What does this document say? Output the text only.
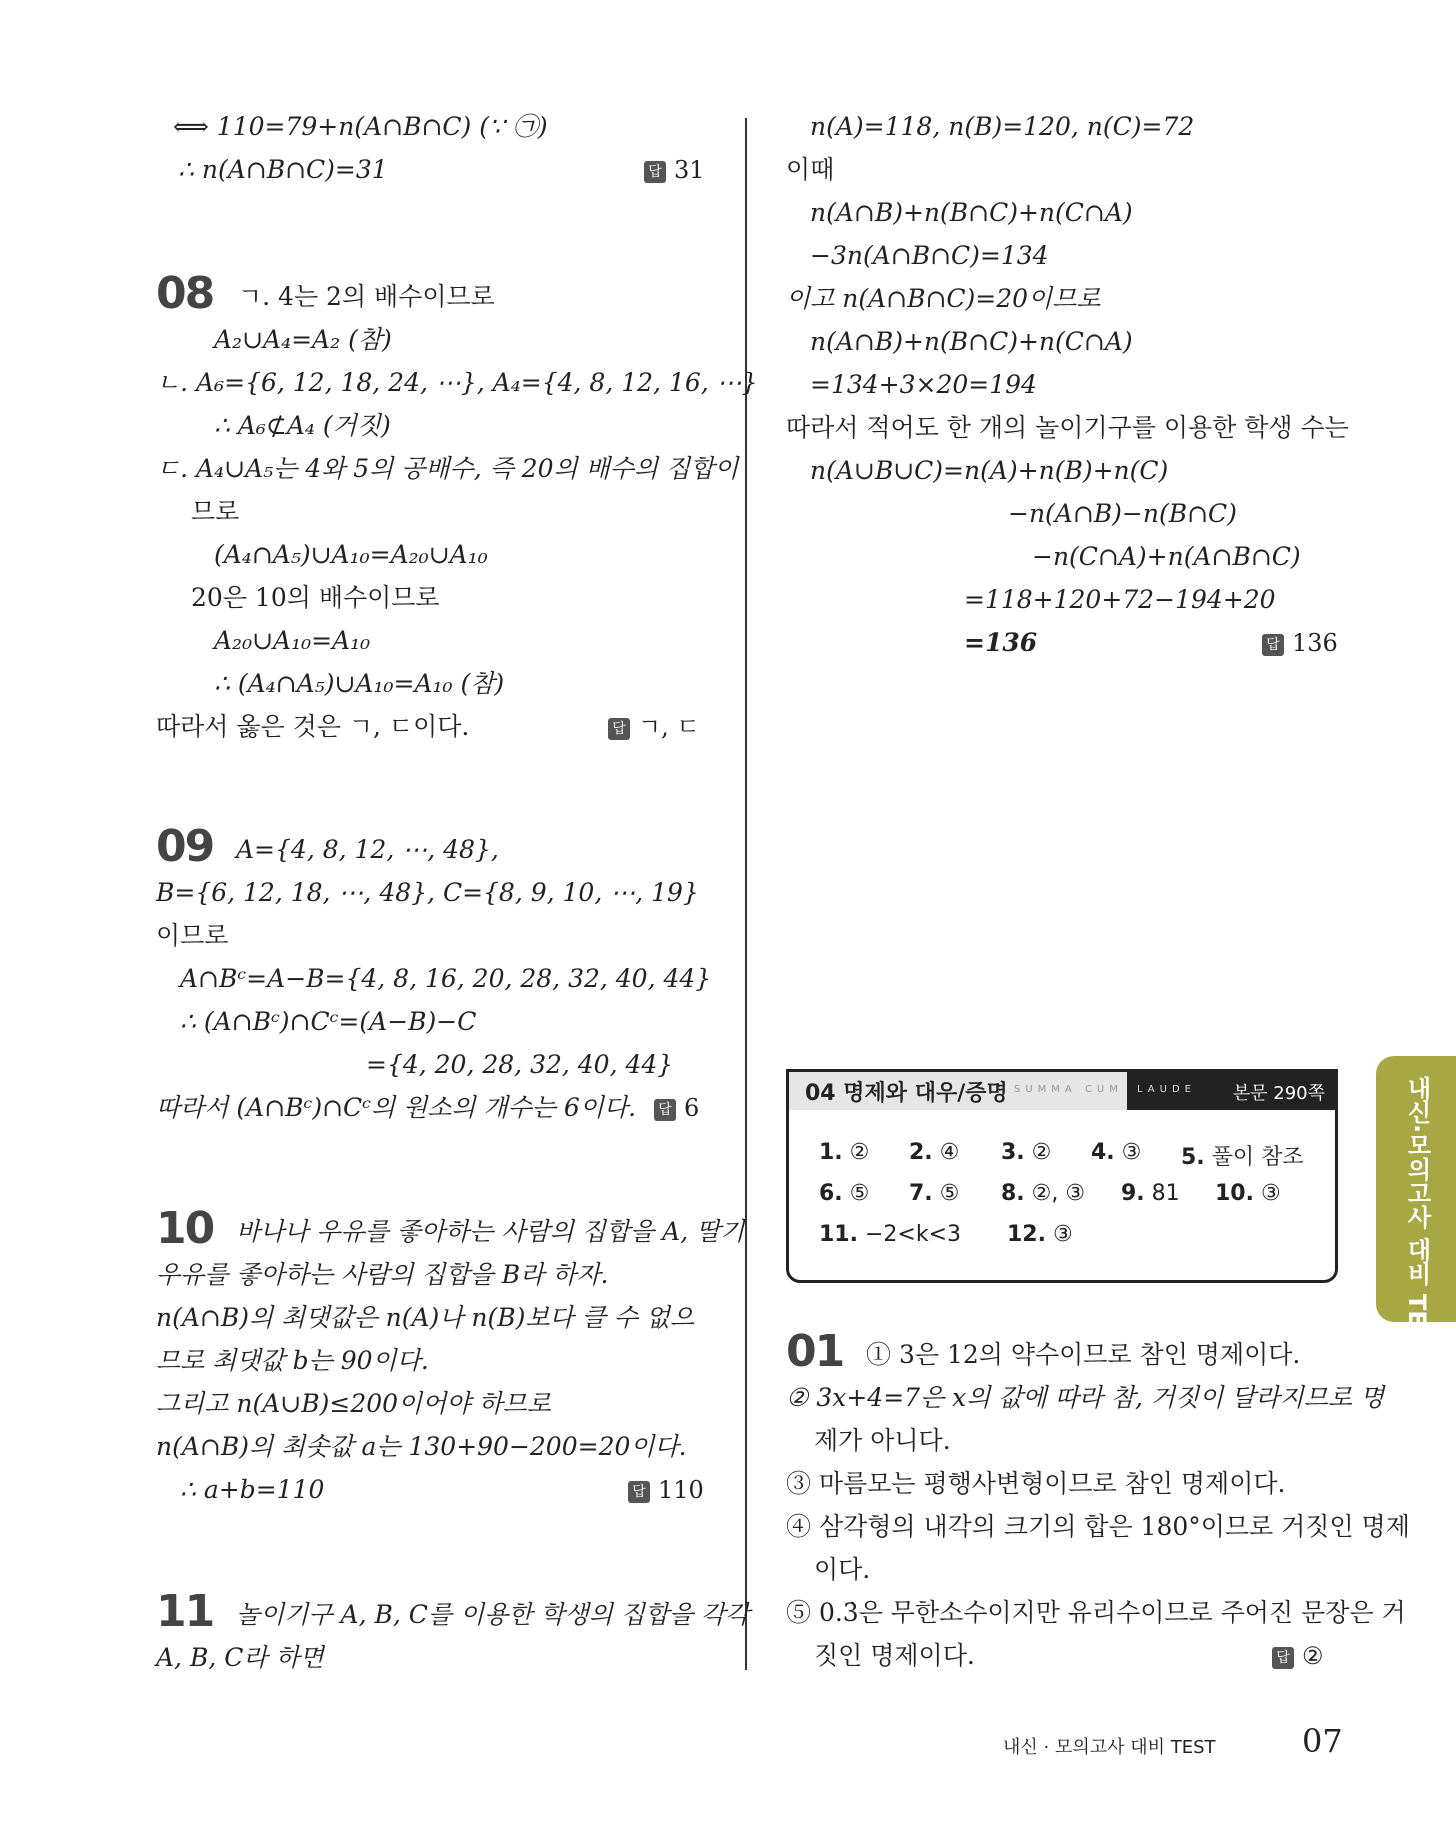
⟺ 110=79+n(A∩B∩C) (∵ ㉠)
∴ n(A∩B∩C)=31	답 31
08 ㄱ. 4는 2의 배수이므로
A₂∪A₄=A₂ (참)
ㄴ. A₆={6, 12, 18, 24, ⋯}, A₄={4, 8, 12, 16, ⋯}
∴ A₆⊄A₄ (거짓)
ㄷ. A₄∪A₅는 4와 5의 공배수, 즉 20의 배수의 집합이
므로
(A₄∩A₅)∪A₁₀=A₂₀∪A₁₀
20은 10의 배수이므로
A₂₀∪A₁₀=A₁₀
∴ (A₄∩A₅)∪A₁₀=A₁₀ (참)
따라서 옳은 것은 ㄱ, ㄷ이다.	답 ㄱ, ㄷ
09 A={4, 8, 12, ⋯, 48},
B={6, 12, 18, ⋯, 48}, C={8, 9, 10, ⋯, 19}
이므로
A∩Bᶜ=A−B={4, 8, 16, 20, 28, 32, 40, 44}
∴ (A∩Bᶜ)∩Cᶜ=(A−B)−C
={4, 20, 28, 32, 40, 44}
따라서 (A∩Bᶜ)∩Cᶜ의 원소의 개수는 6이다.	답 6
10 바나나 우유를 좋아하는 사람의 집합을 A, 딸기
우유를 좋아하는 사람의 집합을 B라 하자.
n(A∩B)의 최댓값은 n(A)나 n(B)보다 클 수 없으
므로 최댓값 b는 90이다.
그리고 n(A∪B)≤200이어야 하므로
n(A∩B)의 최솟값 a는 130+90−200=20이다.
∴ a+b=110	답 110
11 놀이기구 A, B, C를 이용한 학생의 집합을 각각
A, B, C라 하면
n(A)=118, n(B)=120, n(C)=72
이때
n(A∩B)+n(B∩C)+n(C∩A)
−3n(A∩B∩C)=134
이고 n(A∩B∩C)=20이므로
n(A∩B)+n(B∩C)+n(C∩A)
=134+3×20=194
따라서 적어도 한 개의 놀이기구를 이용한 학생 수는
n(A∪B∪C)=n(A)+n(B)+n(C)
−n(A∩B)−n(B∩C)
−n(C∩A)+n(A∩B∩C)
=118+120+72−194+20
=136	답 136
01 ① 3은 12의 약수이므로 참인 명제이다.
② 3x+4=7은 x의 값에 따라 참, 거짓이 달라지므로 명
제가 아니다.
③ 마름모는 평행사변형이므로 참인 명제이다.
④ 삼각형의 내각의 크기의 합은 180°이므로 거짓인 명제
이다.
⑤ 0.3̇은 무한소수이지만 유리수이므로 주어진 문장은 거
짓인 명제이다.	답 ②
04 명제와 대우/증명 SUMMA CUM LAUDE 본문 290쪽
1. ② 2. ④ 3. ② 4. ③ 5. 풀이 참조
6. ⑤ 7. ⑤ 8. ②, ③ 9. 81 10. ③
11. −2<k<3 12. ③	내신·모의고사 대비 TEST
내신 · 모의고사 대비 TEST	07
